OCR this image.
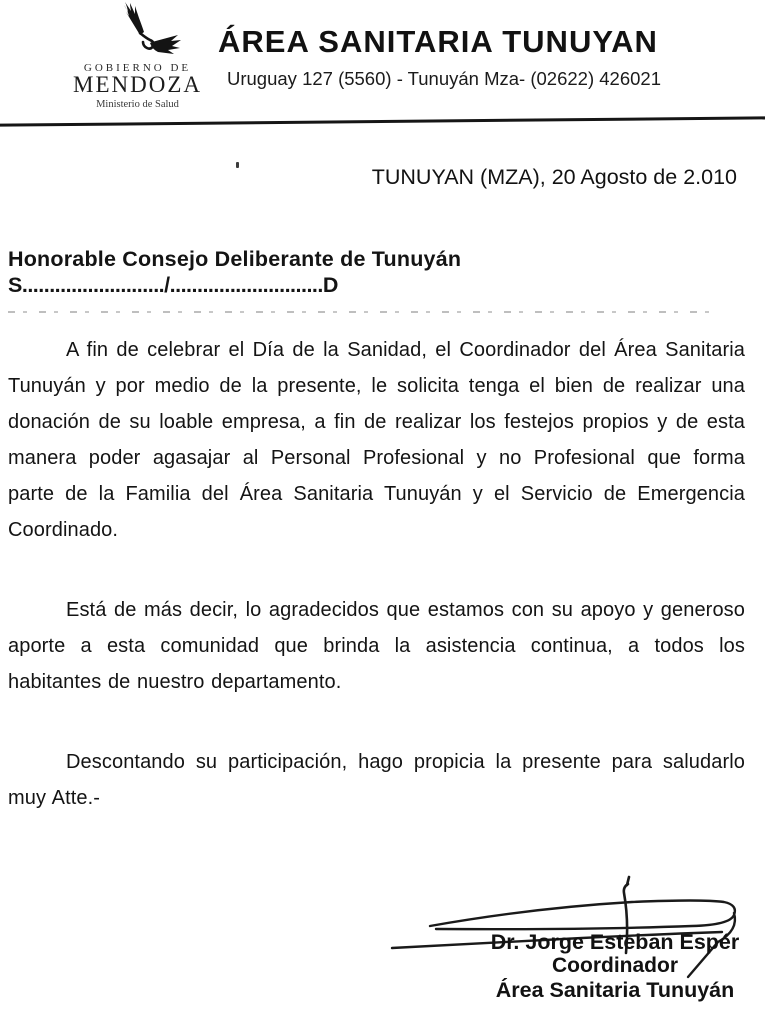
GOBIERNO DE
MENDOZA
Ministerio de Salud
ÁREA SANITARIA TUNUYAN
Uruguay 127 (5560) - Tunuyán Mza- (02622) 426021
TUNUYAN (MZA), 20 Agosto de 2.010
Honorable Consejo Deliberante de Tunuyán
S........................../............................D
A fin de celebrar el Día de la Sanidad, el Coordinador del Área Sanitaria
Tunuyán y por medio de la presente, le solicita tenga el bien de realizar una
donación de su loable empresa, a fin de realizar los festejos propios y de esta
manera poder agasajar al Personal Profesional y no Profesional que forma
parte de la Familia del Área Sanitaria Tunuyán y el Servicio de Emergencia
Coordinado.
Está de más decir, lo agradecidos que estamos con su apoyo y generoso
aporte a esta comunidad que brinda la asistencia continua, a todos los
habitantes de nuestro departamento.
Descontando su participación, hago propicia la presente para saludarlo
muy Atte.-
Dr. Jorge Esteban Espér
Coordinador
Área Sanitaria Tunuyán
